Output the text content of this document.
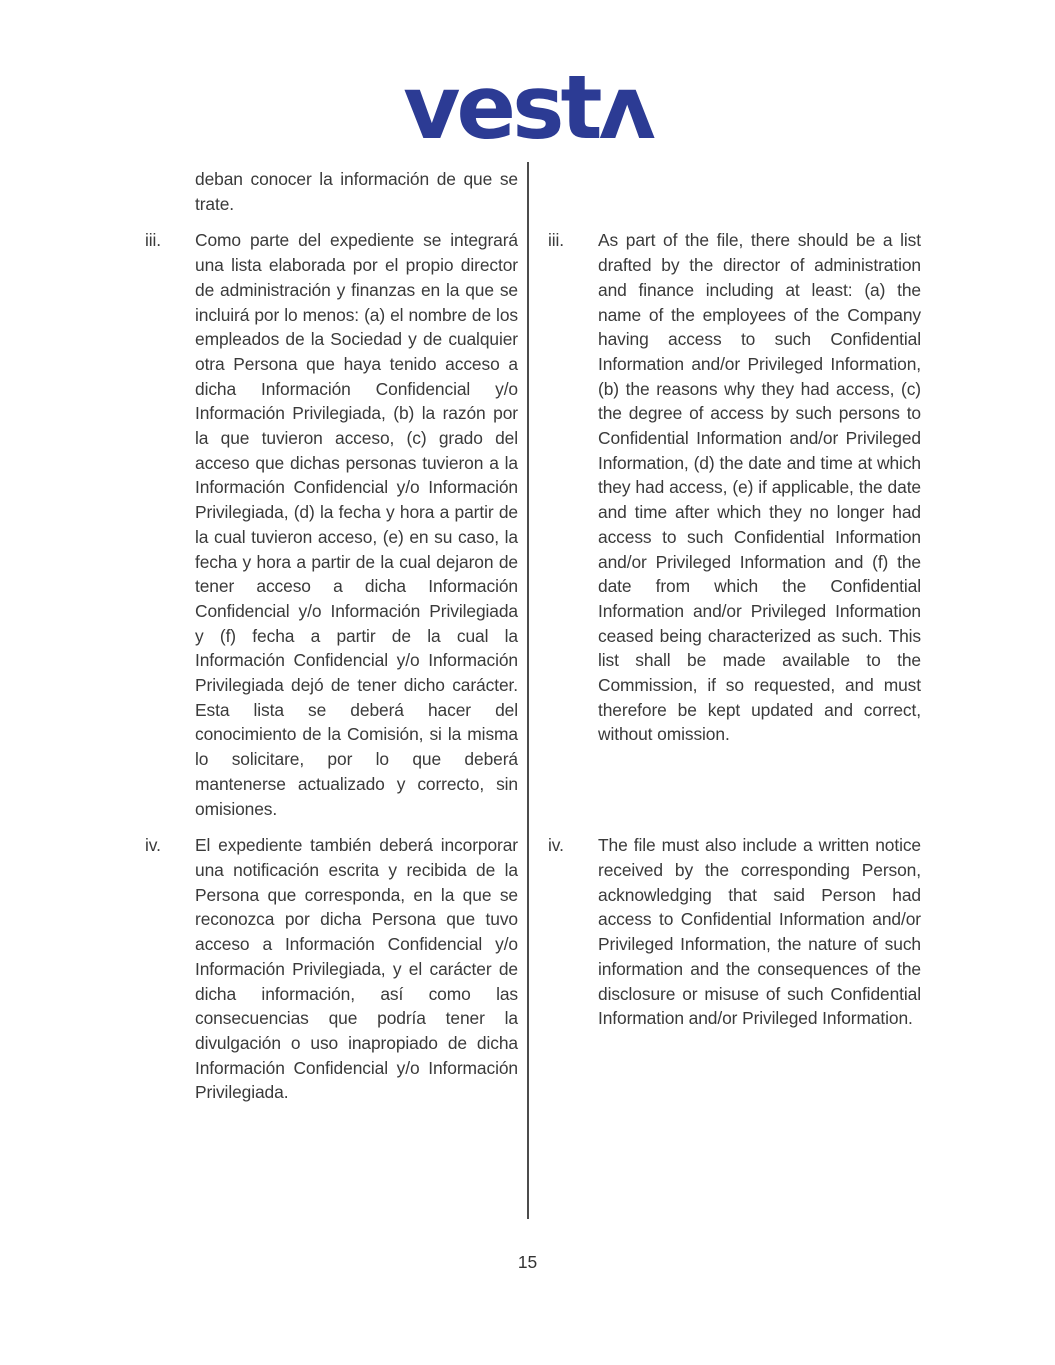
vestʌ
deban conocer la información de que se trate.
iii.	Como parte del expediente se integrará una lista elaborada por el propio director de administración y finanzas en la que se incluirá por lo menos: (a) el nombre de los empleados de la Sociedad y de cualquier otra Persona que haya tenido acceso a dicha Información Confidencial y/o Información Privilegiada, (b) la razón por la que tuvieron acceso, (c) grado del acceso que dichas personas tuvieron a la Información Confidencial y/o Información Privilegiada, (d) la fecha y hora a partir de la cual tuvieron acceso, (e) en su caso, la fecha y hora a partir de la cual dejaron de tener acceso a dicha Información Confidencial y/o Información Privilegiada y (f) fecha a partir de la cual la Información Confidencial y/o Información Privilegiada dejó de tener dicho carácter. Esta lista se deberá hacer del conocimiento de la Comisión, si la misma lo solicitare, por lo que deberá mantenerse actualizado y correcto, sin omisiones.
iii.	As part of the file, there should be a list drafted by the director of administration and finance including at least: (a) the name of the employees of the Company having access to such Confidential Information and/or Privileged Information, (b) the reasons why they had access, (c) the degree of access by such persons to Confidential Information and/or Privileged Information, (d) the date and time at which they had access, (e) if applicable, the date and time after which they no longer had access to such Confidential Information and/or Privileged Information and (f) the date from which the Confidential Information and/or Privileged Information ceased being characterized as such. This list shall be made available to the Commission, if so requested, and must therefore be kept updated and correct, without omission.
iv.	El expediente también deberá incorporar una notificación escrita y recibida de la Persona que corresponda, en la que se reconozca por dicha Persona que tuvo acceso a Información Confidencial y/o Información Privilegiada, y el carácter de dicha información, así como las consecuencias que podría tener la divulgación o uso inapropiado de dicha Información Confidencial y/o Información Privilegiada.
iv.	The file must also include a written notice received by the corresponding Person, acknowledging that said Person had access to Confidential Information and/or Privileged Information, the nature of such information and the consequences of the disclosure or misuse of such Confidential Information and/or Privileged Information.
15
